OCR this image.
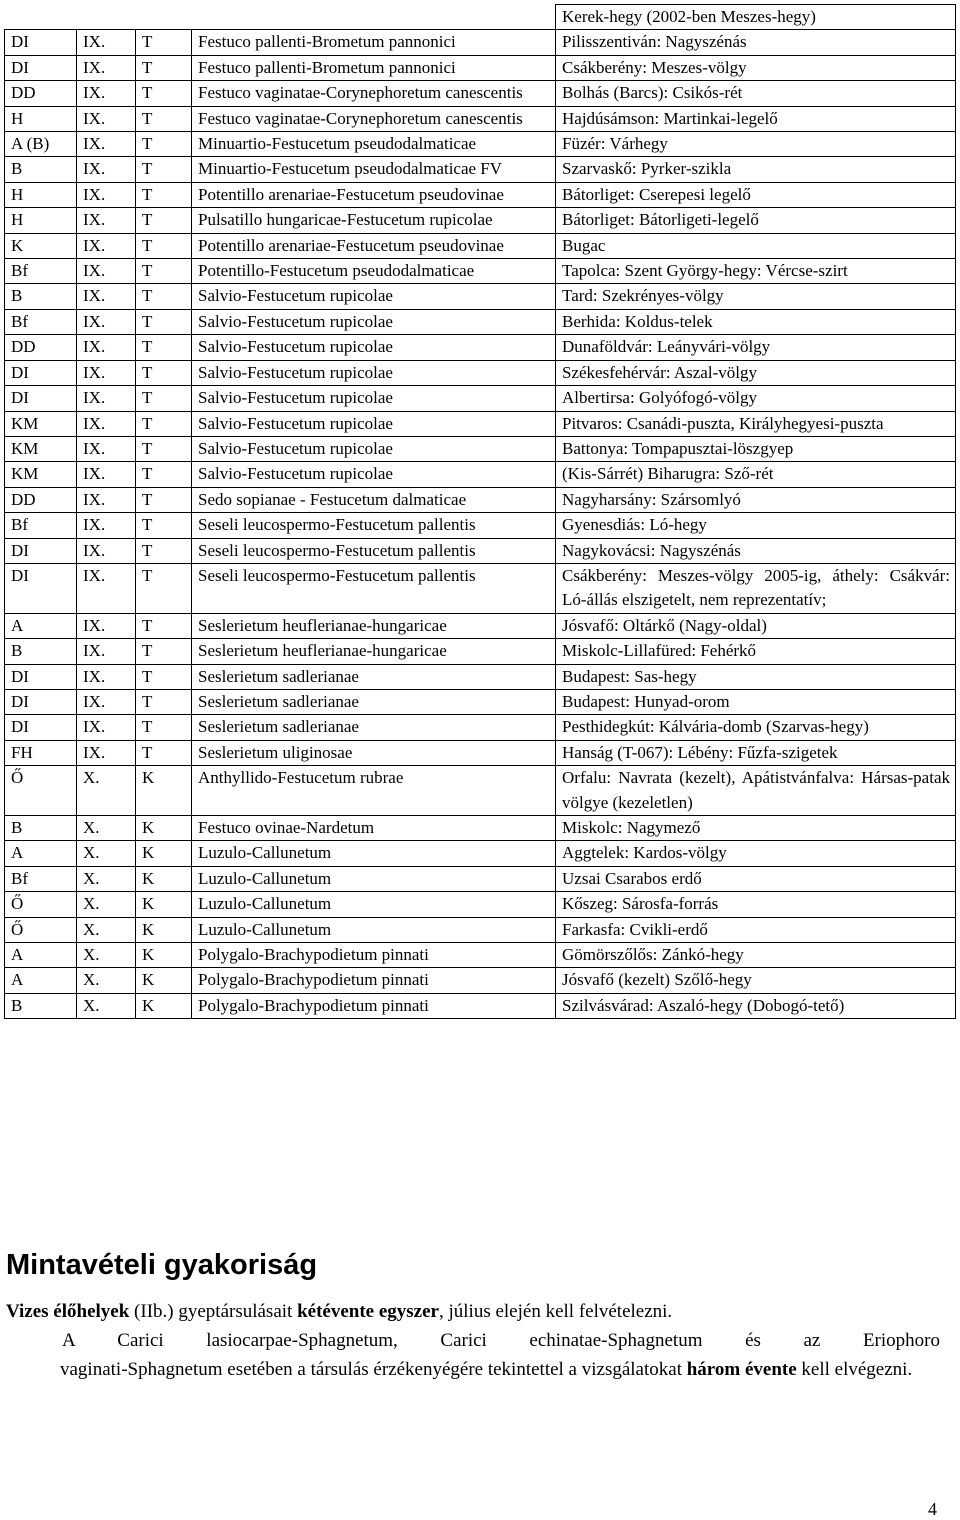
				Kerek-hegy (2002-ben Meszes-hegy)
DI	IX.	T	Festuco pallenti-Brometum pannonici	Pilisszentiván: Nagyszénás
DI	IX.	T	Festuco pallenti-Brometum pannonici	Csákberény: Meszes-völgy
DD	IX.	T	Festuco vaginatae-Corynephoretum canescentis	Bolhás (Barcs): Csikós-rét
H	IX.	T	Festuco vaginatae-Corynephoretum canescentis	Hajdúsámson: Martinkai-legelő
A (B)	IX.	T	Minuartio-Festucetum pseudodalmaticae	Füzér: Várhegy
B	IX.	T	Minuartio-Festucetum pseudodalmaticae FV	Szarvaskő: Pyrker-szikla
H	IX.	T	Potentillo arenariae-Festucetum pseudovinae	Bátorliget: Cserepesi legelő
H	IX.	T	Pulsatillo hungaricae-Festucetum rupicolae	Bátorliget: Bátorligeti-legelő
K	IX.	T	Potentillo arenariae-Festucetum pseudovinae	Bugac
Bf	IX.	T	Potentillo-Festucetum pseudodalmaticae	Tapolca: Szent György-hegy: Vércse-szirt
B	IX.	T	Salvio-Festucetum rupicolae	Tard: Szekrényes-völgy
Bf	IX.	T	Salvio-Festucetum rupicolae	Berhida: Koldus-telek
DD	IX.	T	Salvio-Festucetum rupicolae	Dunaföldvár: Leányvári-völgy
DI	IX.	T	Salvio-Festucetum rupicolae	Székesfehérvár: Aszal-völgy
DI	IX.	T	Salvio-Festucetum rupicolae	Albertirsa: Golyófogó-völgy
KM	IX.	T	Salvio-Festucetum rupicolae	Pitvaros: Csanádi-puszta, Királyhegyesi-puszta
KM	IX.	T	Salvio-Festucetum rupicolae	Battonya: Tompapusztai-löszgyep
KM	IX.	T	Salvio-Festucetum rupicolae	(Kis-Sárrét) Biharugra: Sző-rét
DD	IX.	T	Sedo sopianae - Festucetum dalmaticae	Nagyharsány: Szársomlyó
Bf	IX.	T	Seseli leucospermo-Festucetum pallentis	Gyenesdiás: Ló-hegy
DI	IX.	T	Seseli leucospermo-Festucetum pallentis	Nagykovácsi: Nagyszénás
DI	IX.	T	Seseli leucospermo-Festucetum pallentis	Csákberény: Meszes-völgy 2005-ig, áthely: Csákvár: Ló-állás elszigetelt, nem reprezentatív;
A	IX.	T	Seslerietum heuflerianae-hungaricae	Jósvafő: Oltárkő (Nagy-oldal)
B	IX.	T	Seslerietum heuflerianae-hungaricae	Miskolc-Lillafüred: Fehérkő
DI	IX.	T	Seslerietum sadlerianae	Budapest: Sas-hegy
DI	IX.	T	Seslerietum sadlerianae	Budapest: Hunyad-orom
DI	IX.	T	Seslerietum sadlerianae	Pesthidegkút: Kálvária-domb (Szarvas-hegy)
FH	IX.	T	Seslerietum uliginosae	Hanság (T-067): Lébény: Fűzfa-szigetek
Ő	X.	K	Anthyllido-Festucetum rubrae	Orfalu: Navrata (kezelt), Apátistvánfalva: Hársas-patak völgye (kezeletlen)
B	X.	K	Festuco ovinae-Nardetum	Miskolc: Nagymező
A	X.	K	Luzulo-Callunetum	Aggtelek: Kardos-völgy
Bf	X.	K	Luzulo-Callunetum	Uzsai Csarabos erdő
Ő	X.	K	Luzulo-Callunetum	Kőszeg: Sárosfa-forrás
Ő	X.	K	Luzulo-Callunetum	Farkasfa: Cvikli-erdő
A	X.	K	Polygalo-Brachypodietum pinnati	Gömörszőlős: Zánkó-hegy
A	X.	K	Polygalo-Brachypodietum pinnati	Jósvafő (kezelt) Szőlő-hegy
B	X.	K	Polygalo-Brachypodietum pinnati	Szilvásvárad: Aszaló-hegy (Dobogó-tető)
Mintavételi gyakoriság

Vizes élőhelyek (IIb.) gyeptársulásait kétévente egyszer, július elején kell felvételezni.

A Carici lasiocarpae-Sphagnetum, Carici echinatae-Sphagnetum és az Eriophoro
vaginati-Sphagnetum esetében a társulás érzékenyégére tekintettel a vizsgálatokat három évente kell elvégezni.

4
